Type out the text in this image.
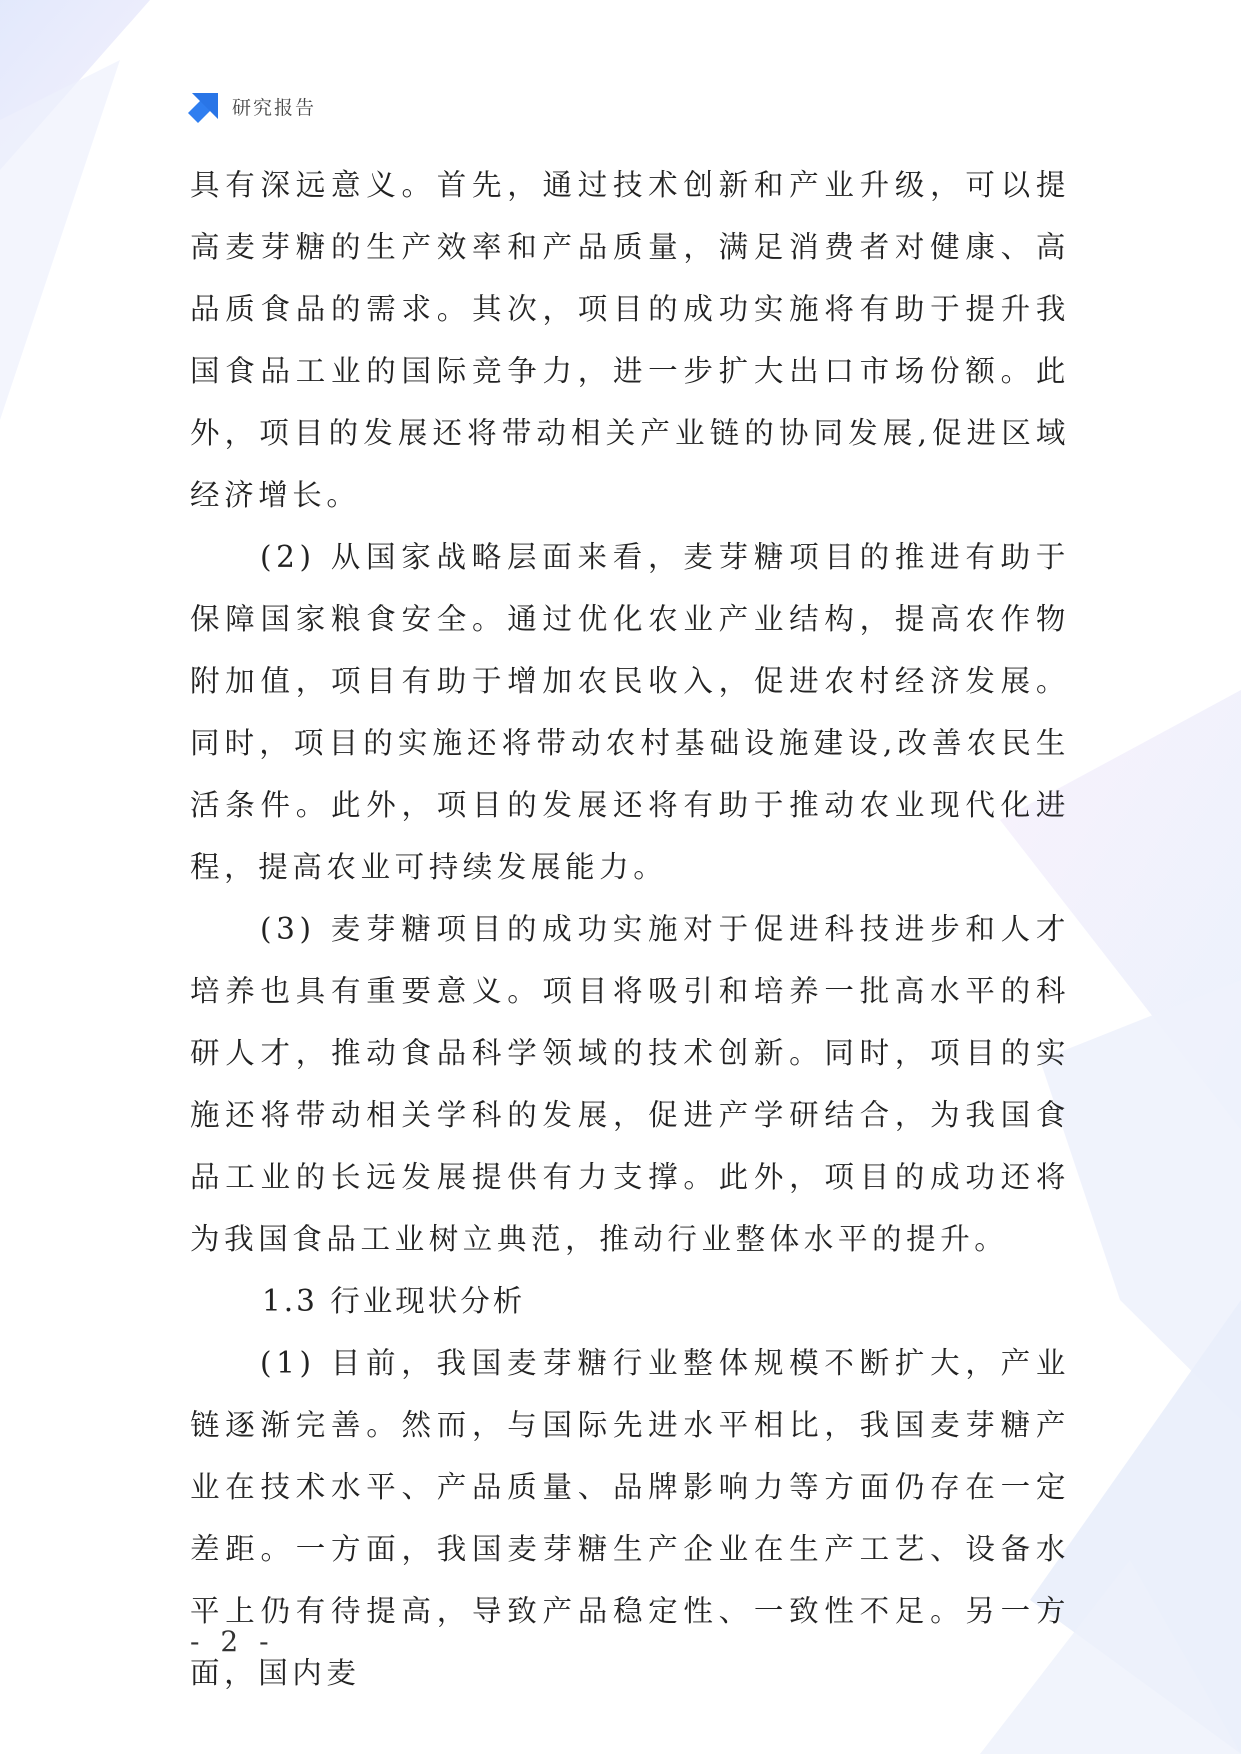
研究报告

具有深远意义。首先，通过技术创新和产业升级，可以提高麦芽糖的生产效率和产品质量，满足消费者对健康、高品质食品的需求。其次，项目的成功实施将有助于提升我国食品工业的国际竞争力，进一步扩大出口市场份额。此外，项目的发展还将带动相关产业链的协同发展,促进区域经济增长。

(2) 从国家战略层面来看，麦芽糖项目的推进有助于保障国家粮食安全。通过优化农业产业结构，提高农作物附加值，项目有助于增加农民收入，促进农村经济发展。同时，项目的实施还将带动农村基础设施建设,改善农民生活条件。此外，项目的发展还将有助于推动农业现代化进程，提高农业可持续发展能力。

(3) 麦芽糖项目的成功实施对于促进科技进步和人才培养也具有重要意义。项目将吸引和培养一批高水平的科研人才，推动食品科学领域的技术创新。同时，项目的实施还将带动相关学科的发展，促进产学研结合，为我国食品工业的长远发展提供有力支撑。此外，项目的成功还将为我国食品工业树立典范，推动行业整体水平的提升。

1.3 行业现状分析

(1) 目前，我国麦芽糖行业整体规模不断扩大，产业链逐渐完善。然而，与国际先进水平相比，我国麦芽糖产业在技术水平、产品质量、品牌影响力等方面仍存在一定差距。一方面，我国麦芽糖生产企业在生产工艺、设备水平上仍有待提高，导致产品稳定性、一致性不足。另一方面，国内麦

- 2 -
